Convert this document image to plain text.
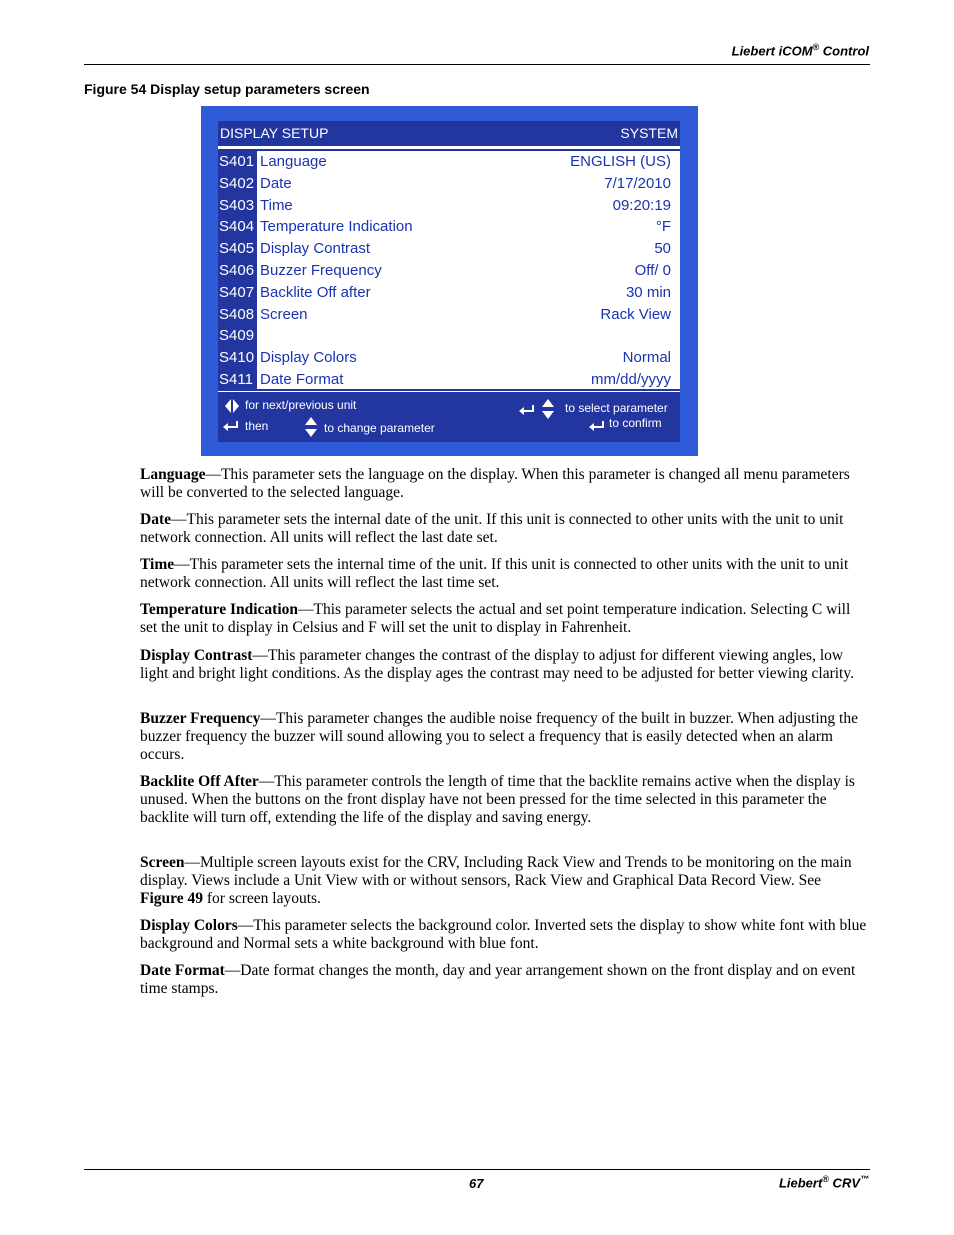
Liebert iCOM® Control
Figure 54 Display setup parameters screen
DISPLAY SETUP	SYSTEM
S401 Language	ENGLISH (US)
S402 Date	7/17/2010
S403 Time	09:20:19
S404 Temperature Indication	°F
S405 Display Contrast	50
S406 Buzzer Frequency	Off/ 0
S407 Backlite Off after	30 min
S408 Screen	Rack View
S409
S410 Display Colors	Normal
S411 Date Format	mm/dd/yyyy
for next/previous unit
then	to change parameter
to select parameter
to confirm

Language—This parameter sets the language on the display. When this parameter is changed all menu parameters will be converted to the selected language.

Date—This parameter sets the internal date of the unit. If this unit is connected to other units with the unit to unit network connection. All units will reflect the last date set.

Time—This parameter sets the internal time of the unit. If this unit is connected to other units with the unit to unit network connection. All units will reflect the last time set.

Temperature Indication—This parameter selects the actual and set point temperature indication. Selecting C will set the unit to display in Celsius and F will set the unit to display in Fahrenheit.

Display Contrast—This parameter changes the contrast of the display to adjust for different viewing angles, low light and bright light conditions. As the display ages the contrast may need to be adjusted for better viewing clarity.

Buzzer Frequency—This parameter changes the audible noise frequency of the built in buzzer. When adjusting the buzzer frequency the buzzer will sound allowing you to select a frequency that is easily detected when an alarm occurs.

Backlite Off After—This parameter controls the length of time that the backlite remains active when the display is unused. When the buttons on the front display have not been pressed for the time selected in this parameter the backlite will turn off, extending the life of the display and saving energy.

Screen—Multiple screen layouts exist for the CRV, Including Rack View and Trends to be monitoring on the main display. Views include a Unit View with or without sensors, Rack View and Graphical Data Record View. See Figure 49 for screen layouts.

Display Colors—This parameter selects the background color. Inverted sets the display to show white font with blue background and Normal sets a white background with blue font.

Date Format—Date format changes the month, day and year arrangement shown on the front display and on event time stamps.

67	Liebert® CRV™
